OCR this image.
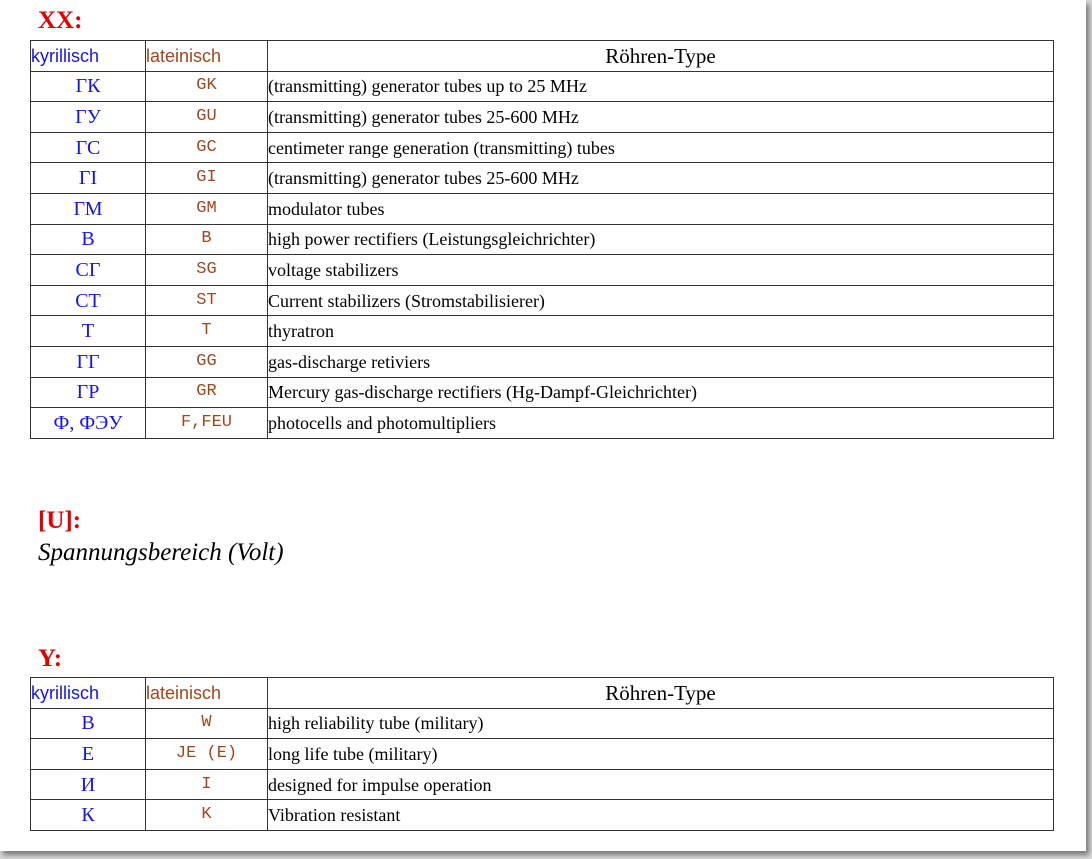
XX:
kyrillisch	lateinisch	Röhren-Type
ГК	GK	(transmitting) generator tubes up to 25 MHz
ГУ	GU	(transmitting) generator tubes 25-600 MHz
ГС	GC	centimeter range generation (transmitting) tubes
ГI	GI	(transmitting) generator tubes 25-600 MHz
ГМ	GM	modulator tubes
В	B	high power rectifiers (Leistungsgleichrichter)
СГ	SG	voltage stabilizers
СТ	ST	Current stabilizers (Stromstabilisierer)
Т	T	thyratron
ГГ	GG	gas-discharge retiviers
ГР	GR	Mercury gas-discharge rectifiers (Hg-Dampf-Gleichrichter)
Ф, ФЭУ	F,FEU	photocells and photomultipliers
[U]:
Spannungsbereich (Volt)
Y:
kyrillisch	lateinisch	Röhren-Type
В	W	high reliability tube (military)
Е	JE (E)	long life tube (military)
И	I	designed for impulse operation
К	K	Vibration resistant
